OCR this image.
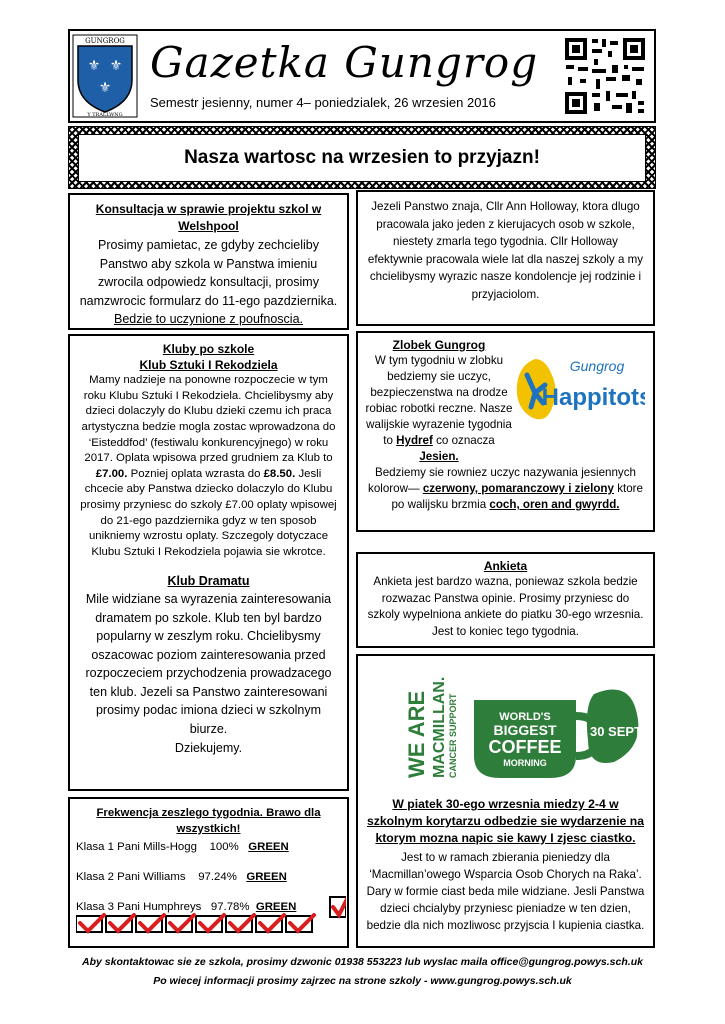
GUNGROG
⚜ ⚜
⚜
Y TRALLWNG
Gazetka Gungrog
Semestr jesienny, numer 4– poniedzialek, 26 wrzesien 2016
Nasza wartosc na wrzesien to przyjazn!

Konsultacja w sprawie projektu szkol w Welshpool

Prosimy pamietac, ze gdyby zechcieliby Panstwo aby szkola w Panstwa imieniu zwrocila odpowiedz konsultacji, prosimy namzwrocic formularz do 11-ego pazdziernika.

Bedzie to uczynione z poufnoscia.

Jezeli Panstwo znaja, Cllr Ann Holloway, ktora dlugo pracowala jako jeden z kierujacych osob w szkole, niestety zmarla tego tygodnia. Cllr Holloway efektywnie pracowala wiele lat dla naszej szkoly a my chcielibysmy wyrazic nasze kondolencje jej rodzinie i przyjaciolom.

Kluby po szkole

Klub Sztuki I Rekodziela

Mamy nadzieje na ponowne rozpoczecie w tym roku Klubu Sztuki I Rekodziela. Chcielibysmy aby dzieci dolaczyly do Klubu dzieki czemu ich praca artystyczna bedzie mogla zostac wprowadzona do ‘Eisteddfod’ (festiwalu konkurencyjnego) w roku 2017. Oplata wpisowa przed grudniem za Klub to £7.00. Pozniej oplata wzrasta do £8.50. Jesli chcecie aby Panstwa dziecko dolaczylo do Klubu prosimy przyniesc do szkoly £7.00 oplaty wpisowej do 21-ego pazdziernika gdyz w ten sposob unikniemy wzrostu oplaty. Szczegoly dotyczace Klubu Sztuki I Rekodziela pojawia sie wkrotce.

Klub Dramatu

Mile widziane sa wyrazenia zainteresowania dramatem po szkole. Klub ten byl bardzo popularny w zeszlym roku. Chcielibysmy oszacowac poziom zainteresowania przed rozpoczeciem przychodzenia prowadzacego ten klub. Jezeli sa Panstwo zainteresowani prosimy podac imiona dzieci w szkolnym biurze.

Dziekujemy.

Gungrog
Happitots

Zlobek Gungrog

W tym tygodniu w zlobku bedziemy sie uczyc, bezpieczenstwa na drodze robiac robotki reczne. Nasze walijskie wyrazenie tygodnia to Hydref co oznacza Jesien.
Bedziemy sie rowniez uczyc nazywania jesiennych kolorow— czerwony, pomaranczowy i zielony ktore po walijsku brzmia coch, oren and gwyrdd.

Ankieta

Ankieta jest bardzo wazna, poniewaz szkola bedzie rozwazac Panstwa opinie. Prosimy przyniesc do szkoly wypelniona ankiete do piatku 30-ego wrzesnia. Jest to koniec tego tygodnia.

WE ARE MACMILLAN. CANCER SUPPORT	WORLD'S
BIGGEST
COFFEE
MORNING
30 SEPT

W piatek 30-ego wrzesnia miedzy 2-4 w szkolnym korytarzu odbedzie sie wydarzenie na ktorym mozna napic sie kawy I zjesc ciastko.

Jest to w ramach zbierania pieniedzy dla ‘Macmillan’owego Wsparcia Osob Chorych na Raka’. Dary w formie ciast beda mile widziane. Jesli Panstwa dzieci chcialyby przyniesc pieniadze w ten dzien, bedzie dla nich mozliwosc przyjscia I kupienia ciastka.

Frekwencja zeszlego tygodnia. Brawo dla wszystkich!

Klasa 1 Pani Mills-Hogg 100% GREEN
Klasa 2 Pani Williams 97.24% GREEN
Klasa 3 Pani Humphreys 97.78% GREEN
Aby skontaktowac sie ze szkola, prosimy dzwonic 01938 553223 lub wyslac maila office@gungrog.powys.sch.uk
Po wiecej informacji prosimy zajrzec na strone szkoly - www.gungrog.powys.sch.uk
